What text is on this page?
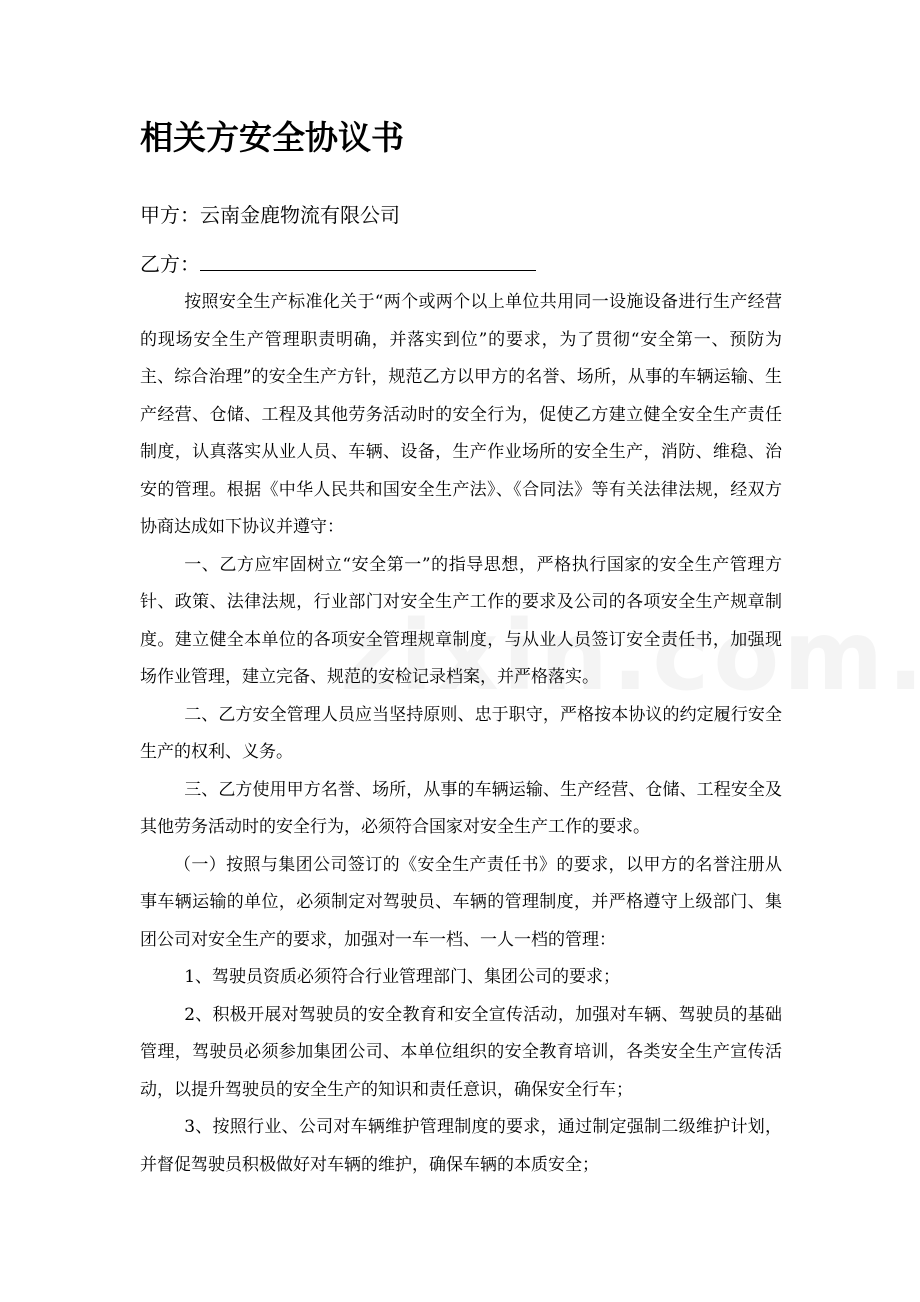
相关方安全协议书
甲方：云南金鹿物流有限公司
乙方：

按照安全生产标准化关于“两个或两个以上单位共用同一设施设备进行生产经营的现场安全生产管理职责明确，并落实到位”的要求，为了贯彻“安全第一、预防为主、综合治理”的安全生产方针，规范乙方以甲方的名誉、场所，从事的车辆运输、生产经营、仓储、工程及其他劳务活动时的安全行为，促使乙方建立健全安全生产责任制度，认真落实从业人员、车辆、设备，生产作业场所的安全生产，消防、维稳、治安的管理。根据《中华人民共和国安全生产法》、《合同法》等有关法律法规，经双方协商达成如下协议并遵守：

一、乙方应牢固树立“安全第一”的指导思想，严格执行国家的安全生产管理方针、政策、法律法规，行业部门对安全生产工作的要求及公司的各项安全生产规章制度。建立健全本单位的各项安全管理规章制度，与从业人员签订安全责任书，加强现场作业管理，建立完备、规范的安检记录档案，并严格落实。

二、乙方安全管理人员应当坚持原则、忠于职守，严格按本协议的约定履行安全生产的权利、义务。

三、乙方使用甲方名誉、场所，从事的车辆运输、生产经营、仓储、工程安全及其他劳务活动时的安全行为，必须符合国家对安全生产工作的要求。

（一）按照与集团公司签订的《安全生产责任书》的要求，以甲方的名誉注册从事车辆运输的单位，必须制定对驾驶员、车辆的管理制度，并严格遵守上级部门、集团公司对安全生产的要求，加强对一车一档、一人一档的管理：

1、驾驶员资质必须符合行业管理部门、集团公司的要求；

2、积极开展对驾驶员的安全教育和安全宣传活动，加强对车辆、驾驶员的基础管理，驾驶员必须参加集团公司、本单位组织的安全教育培训，各类安全生产宣传活动，以提升驾驶员的安全生产的知识和责任意识，确保安全行车；

3、按照行业、公司对车辆维护管理制度的要求，通过制定强制二级维护计划，并督促驾驶员积极做好对车辆的维护，确保车辆的本质安全；
